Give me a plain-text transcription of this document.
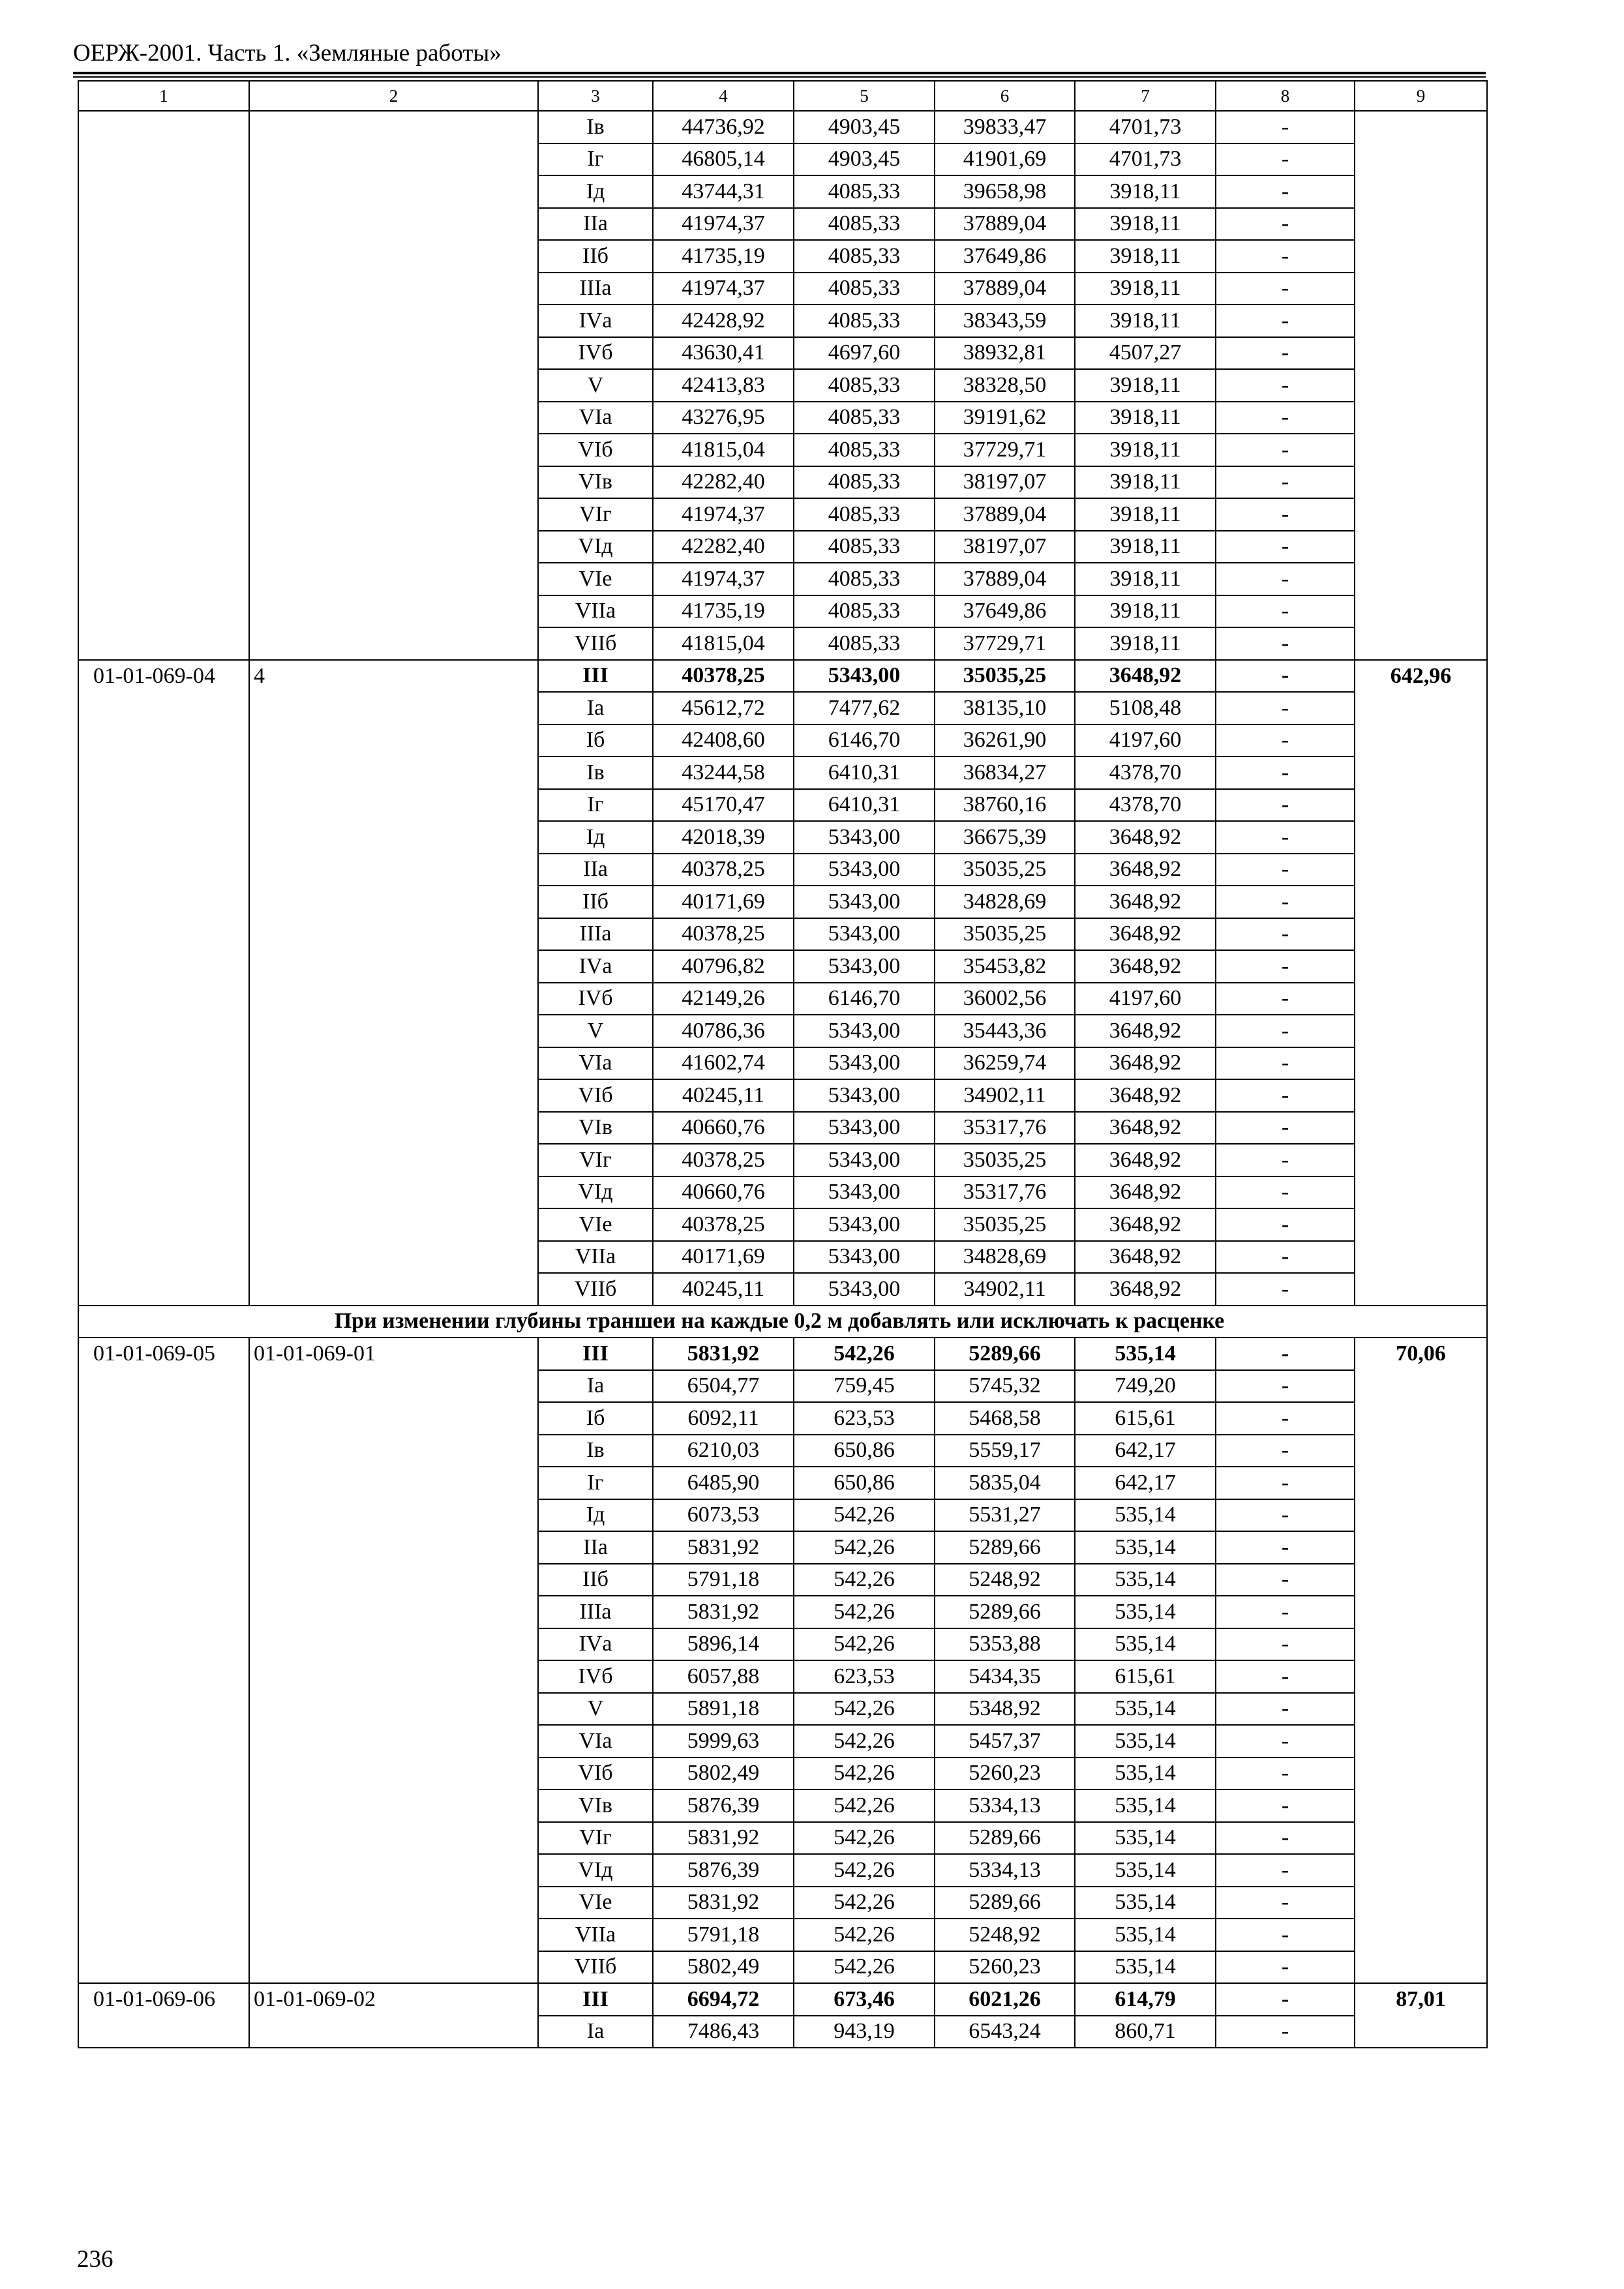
ОЕРЖ-2001. Часть 1. «Земляные работы»
1	2	3	4	5	6	7	8	9
		Iв	44736,92	4903,45	39833,47	4701,73	-	
		Iг	46805,14	4903,45	41901,69	4701,73	-	
		Iд	43744,31	4085,33	39658,98	3918,11	-	
		IIа	41974,37	4085,33	37889,04	3918,11	-	
		IIб	41735,19	4085,33	37649,86	3918,11	-	
		IIIа	41974,37	4085,33	37889,04	3918,11	-	
		IVа	42428,92	4085,33	38343,59	3918,11	-	
		IVб	43630,41	4697,60	38932,81	4507,27	-	
		V	42413,83	4085,33	38328,50	3918,11	-	
		VIа	43276,95	4085,33	39191,62	3918,11	-	
		VIб	41815,04	4085,33	37729,71	3918,11	-	
		VIв	42282,40	4085,33	38197,07	3918,11	-	
		VIг	41974,37	4085,33	37889,04	3918,11	-	
		VIд	42282,40	4085,33	38197,07	3918,11	-	
		VIе	41974,37	4085,33	37889,04	3918,11	-	
		VIIа	41735,19	4085,33	37649,86	3918,11	-	
		VIIб	41815,04	4085,33	37729,71	3918,11	-	
01-01-069-04	4	III	40378,25	5343,00	35035,25	3648,92	-	642,96
		Iа	45612,72	7477,62	38135,10	5108,48	-	
		Iб	42408,60	6146,70	36261,90	4197,60	-	
		Iв	43244,58	6410,31	36834,27	4378,70	-	
		Iг	45170,47	6410,31	38760,16	4378,70	-	
		Iд	42018,39	5343,00	36675,39	3648,92	-	
		IIа	40378,25	5343,00	35035,25	3648,92	-	
		IIб	40171,69	5343,00	34828,69	3648,92	-	
		IIIа	40378,25	5343,00	35035,25	3648,92	-	
		IVа	40796,82	5343,00	35453,82	3648,92	-	
		IVб	42149,26	6146,70	36002,56	4197,60	-	
		V	40786,36	5343,00	35443,36	3648,92	-	
		VIа	41602,74	5343,00	36259,74	3648,92	-	
		VIб	40245,11	5343,00	34902,11	3648,92	-	
		VIв	40660,76	5343,00	35317,76	3648,92	-	
		VIг	40378,25	5343,00	35035,25	3648,92	-	
		VIд	40660,76	5343,00	35317,76	3648,92	-	
		VIе	40378,25	5343,00	35035,25	3648,92	-	
		VIIа	40171,69	5343,00	34828,69	3648,92	-	
		VIIб	40245,11	5343,00	34902,11	3648,92	-	
При изменении глубины траншеи на каждые 0,2 м добавлять или исключать к расценке								
01-01-069-05	01-01-069-01	III	5831,92	542,26	5289,66	535,14	-	70,06
		Iа	6504,77	759,45	5745,32	749,20	-	
		Iб	6092,11	623,53	5468,58	615,61	-	
		Iв	6210,03	650,86	5559,17	642,17	-	
		Iг	6485,90	650,86	5835,04	642,17	-	
		Iд	6073,53	542,26	5531,27	535,14	-	
		IIа	5831,92	542,26	5289,66	535,14	-	
		IIб	5791,18	542,26	5248,92	535,14	-	
		IIIа	5831,92	542,26	5289,66	535,14	-	
		IVа	5896,14	542,26	5353,88	535,14	-	
		IVб	6057,88	623,53	5434,35	615,61	-	
		V	5891,18	542,26	5348,92	535,14	-	
		VIа	5999,63	542,26	5457,37	535,14	-	
		VIб	5802,49	542,26	5260,23	535,14	-	
		VIв	5876,39	542,26	5334,13	535,14	-	
		VIг	5831,92	542,26	5289,66	535,14	-	
		VIд	5876,39	542,26	5334,13	535,14	-	
		VIе	5831,92	542,26	5289,66	535,14	-	
		VIIа	5791,18	542,26	5248,92	535,14	-	
		VIIб	5802,49	542,26	5260,23	535,14	-	
01-01-069-06	01-01-069-02	III	6694,72	673,46	6021,26	614,79	-	87,01
		Iа	7486,43	943,19	6543,24	860,71	-	
236
